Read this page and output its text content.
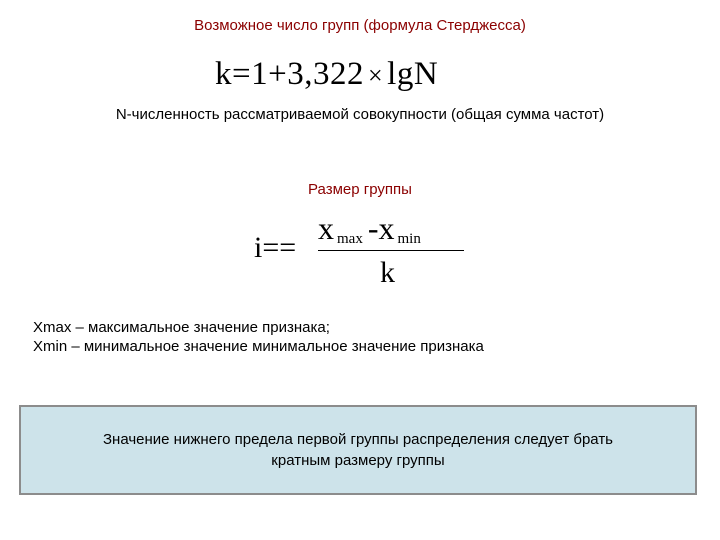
Возможное число групп (формула Стерджесса)
k=1+3,322 × lgN
N-численность рассматриваемой совокупности (общая сумма частот)
Размер группы
i==
xmax -x min
k
Xmax – максимальное значение признака;
Xmin – минимальное значение минимальное значение признака
Значение нижнего предела первой группы распределения следует брать
кратным размеру группы
